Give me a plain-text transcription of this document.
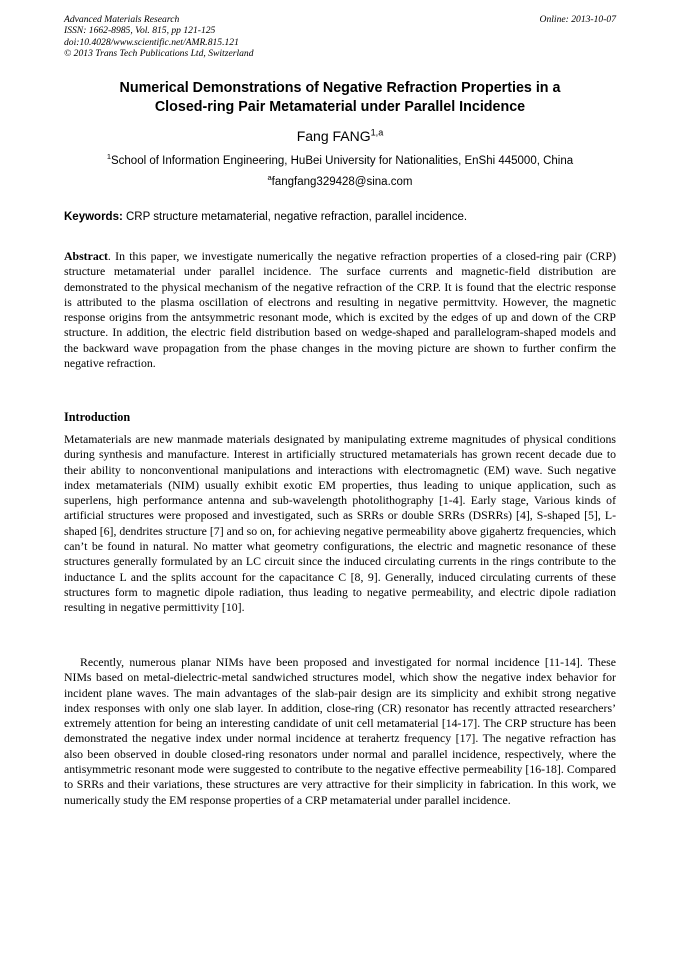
Advanced Materials Research
ISSN: 1662-8985, Vol. 815, pp 121-125
doi:10.4028/www.scientific.net/AMR.815.121
© 2013 Trans Tech Publications Ltd, Switzerland
Online: 2013-10-07
Numerical Demonstrations of Negative Refraction Properties in a
Closed-ring Pair Metamaterial under Parallel Incidence
Fang FANG$^{1,a}$
$^1$School of Information Engineering, HuBei University for Nationalities, EnShi 445000, China
$^a$fangfang329428@sina.com
Keywords: CRP structure metamaterial, negative refraction, parallel incidence.
Abstract. In this paper, we investigate numerically the negative refraction properties of a closed-ring pair (CRP) structure metamaterial under parallel incidence. The surface currents and magnetic-field distribution are demonstrated to the physical mechanism of the negative refraction of the CRP. It is found that the electric response is attributed to the plasma oscillation of electrons and resulting in negative permittvity. However, the magnetic response origins from the antsymmetric resonant mode, which is excited by the edges of up and down of the CRP structure. In addition, the electric field distribution based on wedge-shaped and parallelogram-shaped models and the backward wave propagation from the phase changes in the moving picture are shown to further confirm the negative refraction.
Introduction
Metamaterials are new manmade materials designated by manipulating extreme magnitudes of physical conditions during synthesis and manufacture. Interest in artificially structured metamaterials has grown recent decade due to their ability to nonconventional manipulations and interactions with electromagnetic (EM) wave. Such negative index metamaterials (NIM) usually exhibit exotic EM properties, thus leading to unique application, such as superlens, high performance antenna and sub-wavelength photolithography [1-4]. Early stage, Various kinds of artificial structures were proposed and investigated, such as SRRs or double SRRs (DSRRs) [4], S-shaped [5], L-shaped [6], dendrites structure [7] and so on, for achieving negative permeability above gigahertz frequencies, which can’t be found in natural. No matter what geometry configurations, the electric and magnetic resonance of these structures generally formulated by an LC circuit since the induced circulating currents in the rings contribute to the inductance L and the splits account for the capacitance C [8, 9]. Generally, induced circulating currents of these structures form to magnetic dipole radiation, thus leading to negative permeability, and electric dipole radiation resulting in negative permittivity [10].
Recently, numerous planar NIMs have been proposed and investigated for normal incidence [11-14]. These NIMs based on metal-dielectric-metal sandwiched structures model, which show the negative index behavior for incident plane waves. The main advantages of the slab-pair design are its simplicity and exhibit strong negative index responses with only one slab layer. In addition, close-ring (CR) resonator has recently attracted researchers’ extremely attention for being an interesting candidate of unit cell metamaterial [14-17]. The CRP structure has been demonstrated the negative index under normal incidence at terahertz frequency [17]. The negative refraction has also been observed in double closed-ring resonators under normal and parallel incidence, respectively, where the antisymmetric resonant mode were suggested to contribute to the negative effective permeability [16-18]. Compared to SRRs and their variations, these structures are very attractive for their simplicity in fabrication. In this work, we numerically study the EM response properties of a CRP metamaterial under parallel incidence.
